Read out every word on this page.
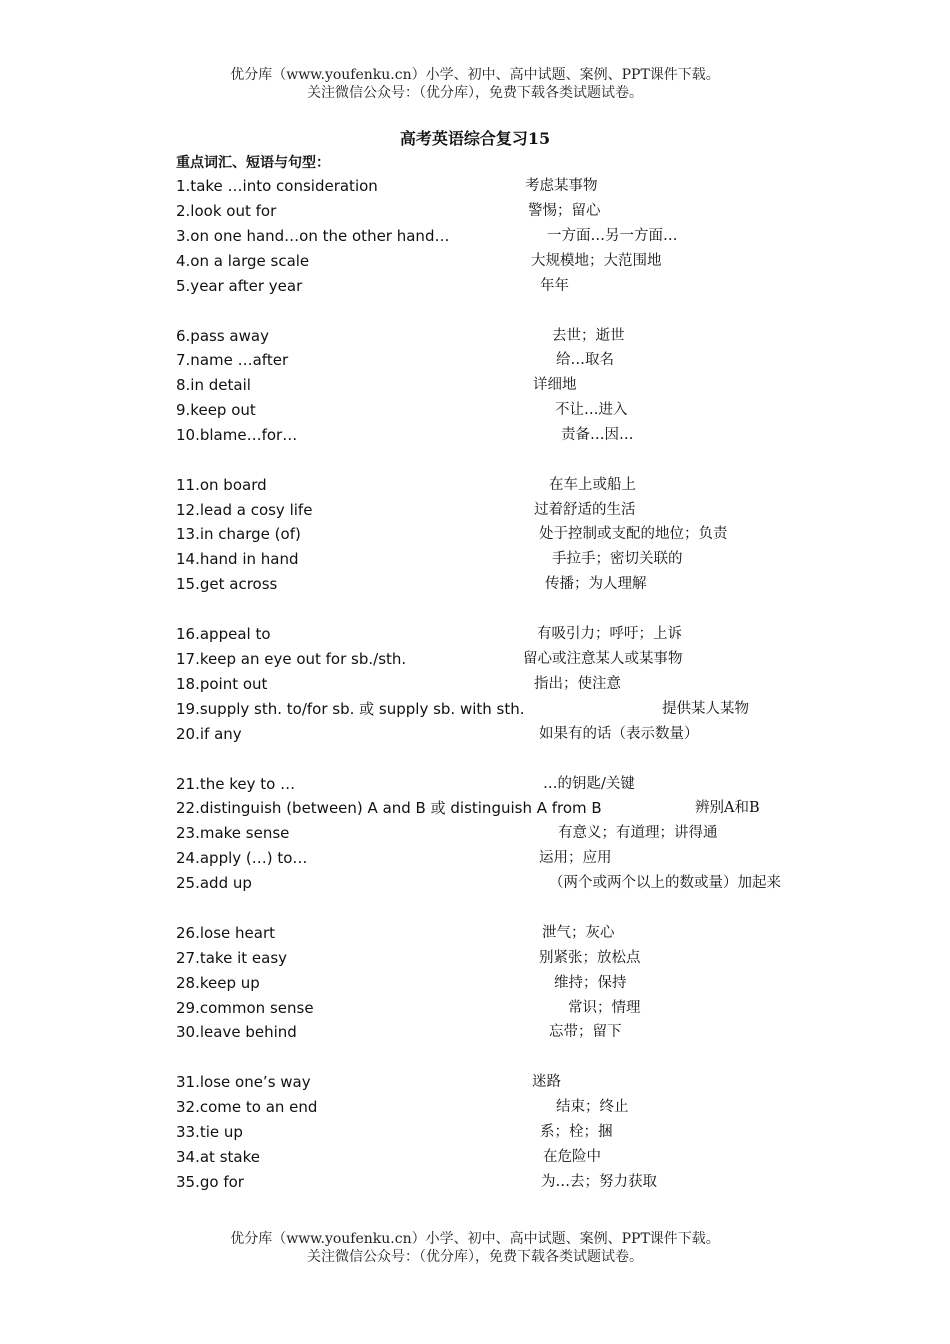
优分库（www.youfenku.cn）小学、初中、高中试题、案例、PPT课件下载。
关注微信公众号：（优分库），免费下载各类试题试卷。
高考英语综合复习15
重点词汇、短语与句型：
1.take …into consideration	考虑某事物
2.look out for	警惕；留心
3.on one hand…on the other hand…	一方面…另一方面…
4.on a large scale	大规模地；大范围地
5.year after year	年年
6.pass away	去世；逝世
7.name …after	给…取名
8.in detail	详细地
9.keep out	不让…进入
10.blame…for…	责备…因…
11.on board	在车上或船上
12.lead a cosy life	过着舒适的生活
13.in charge (of)	处于控制或支配的地位；负责
14.hand in hand	手拉手；密切关联的
15.get across	传播；为人理解
16.appeal to	有吸引力；呼吁；上诉
17.keep an eye out for sb./sth.	留心或注意某人或某事物
18.point out	指出；使注意
19.supply sth. to/for sb. 或 supply sb. with sth.	提供某人某物
20.if any	如果有的话（表示数量）
21.the key to …	…的钥匙/关键
22.distinguish (between) A and B 或 distinguish A from B	辨别A和B
23.make sense	有意义；有道理；讲得通
24.apply (…) to…	运用；应用
25.add up	（两个或两个以上的数或量）加起来
26.lose heart	泄气；灰心
27.take it easy	别紧张；放松点
28.keep up	维持；保持
29.common sense	常识；情理
30.leave behind	忘带；留下
31.lose one’s way	迷路
32.come to an end	结束；终止
33.tie up	系；栓；捆
34.at stake	在危险中
35.go for	为…去；努力获取
优分库（www.youfenku.cn）小学、初中、高中试题、案例、PPT课件下载。
关注微信公众号：（优分库），免费下载各类试题试卷。
